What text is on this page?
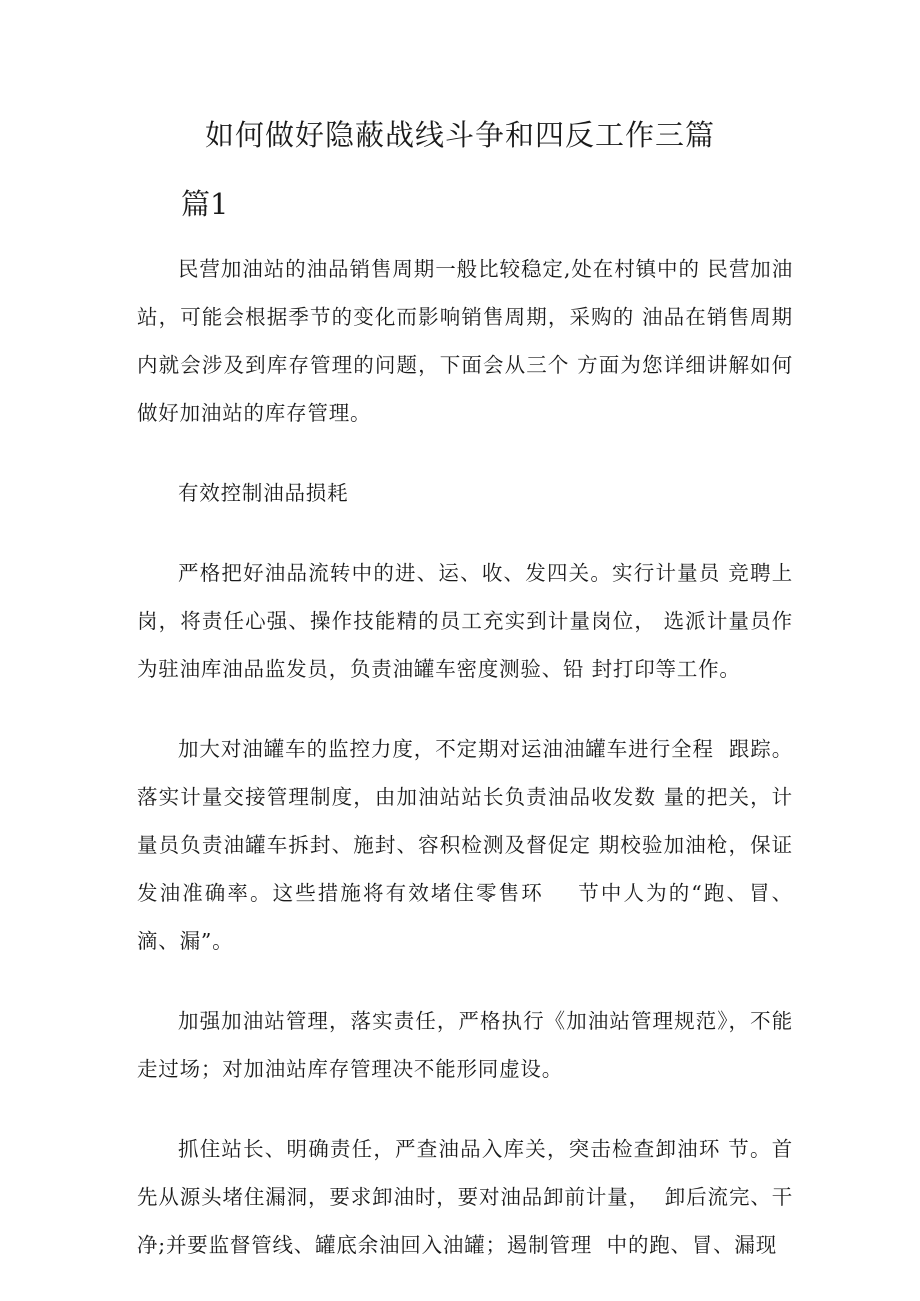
如何做好隐蔽战线斗争和四反工作三篇
篇1

民营加油站的油品销售周期一般比较稳定,处在村镇中的 民营加油站，可能会根据季节的变化而影响销售周期，采购的 油品在销售周期内就会涉及到库存管理的问题，下面会从三个 方面为您详细讲解如何做好加油站的库存管理。

有效控制油品损耗

严格把好油品流转中的进、运、收、发四关。实行计量员 竞聘上岗，将责任心强、操作技能精的员工充实到计量岗位， 选派计量员作为驻油库油品监发员，负责油罐车密度测验、铅 封打印等工作。

加大对油罐车的监控力度，不定期对运油油罐车进行全程  跟踪。落实计量交接管理制度，由加油站站长负责油品收发数 量的把关，计量员负责油罐车拆封、施封、容积检测及督促定 期校验加油枪，保证发油准确率。这些措施将有效堵住零售环    节中人为的“跑、冒、滴、漏”。

加强加油站管理，落实责任，严格执行《加油站管理规范》，不能走过场；对加油站库存管理决不能形同虚设。

抓住站长、明确责任，严查油品入库关，突击检查卸油环 节。首先从源头堵住漏洞，要求卸油时，要对油品卸前计量，  卸后流完、干净;并要监督管线、罐底余油回入油罐；遏制管理  中的跑、冒、漏现
